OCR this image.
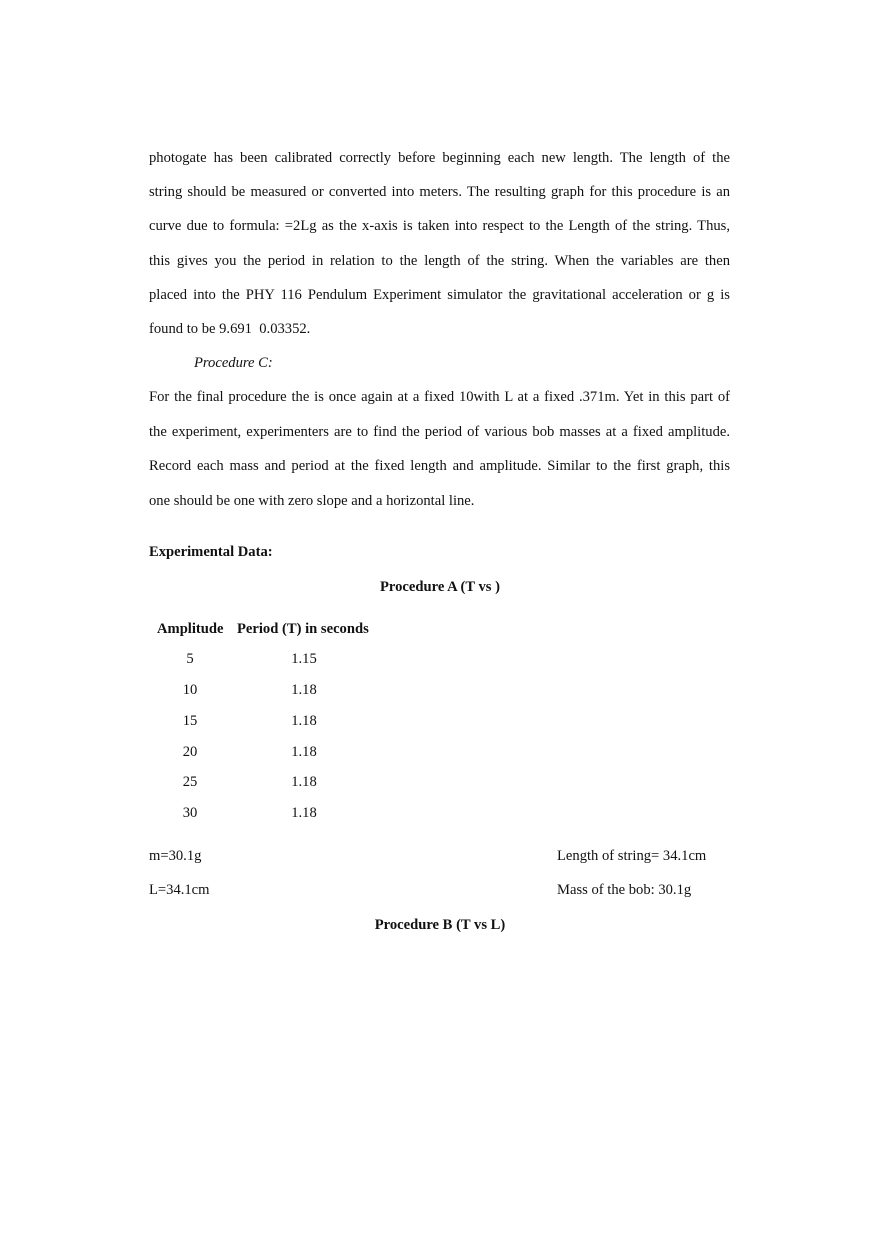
photogate has been calibrated correctly before beginning each new length. The length of the
string should be measured or converted into meters. The resulting graph for this procedure is an
curve due to formula: =2Lg as the x-axis is taken into respect to the Length of the string. Thus,
this gives you the period in relation to the length of the string. When the variables are then
placed into the PHY 116 Pendulum Experiment simulator the gravitational acceleration or g is
found to be 9.691  0.03352.
Procedure C:
For the final procedure the is once again at a fixed 10with L at a fixed .371m. Yet in this part of
the experiment, experimenters are to find the period of various bob masses at a fixed amplitude.
Record each mass and period at the fixed length and amplitude. Similar to the first graph, this
one should be one with zero slope and a horizontal line.
Experimental Data:
Procedure A (T vs )
Amplitude Period (T) in seconds
5	1.15
10	1.18
15	1.18
20	1.18
25	1.18
30	1.18
m=30.1g	Length of string= 34.1cm
L=34.1cm	Mass of the bob: 30.1g
Procedure B (T vs L)
